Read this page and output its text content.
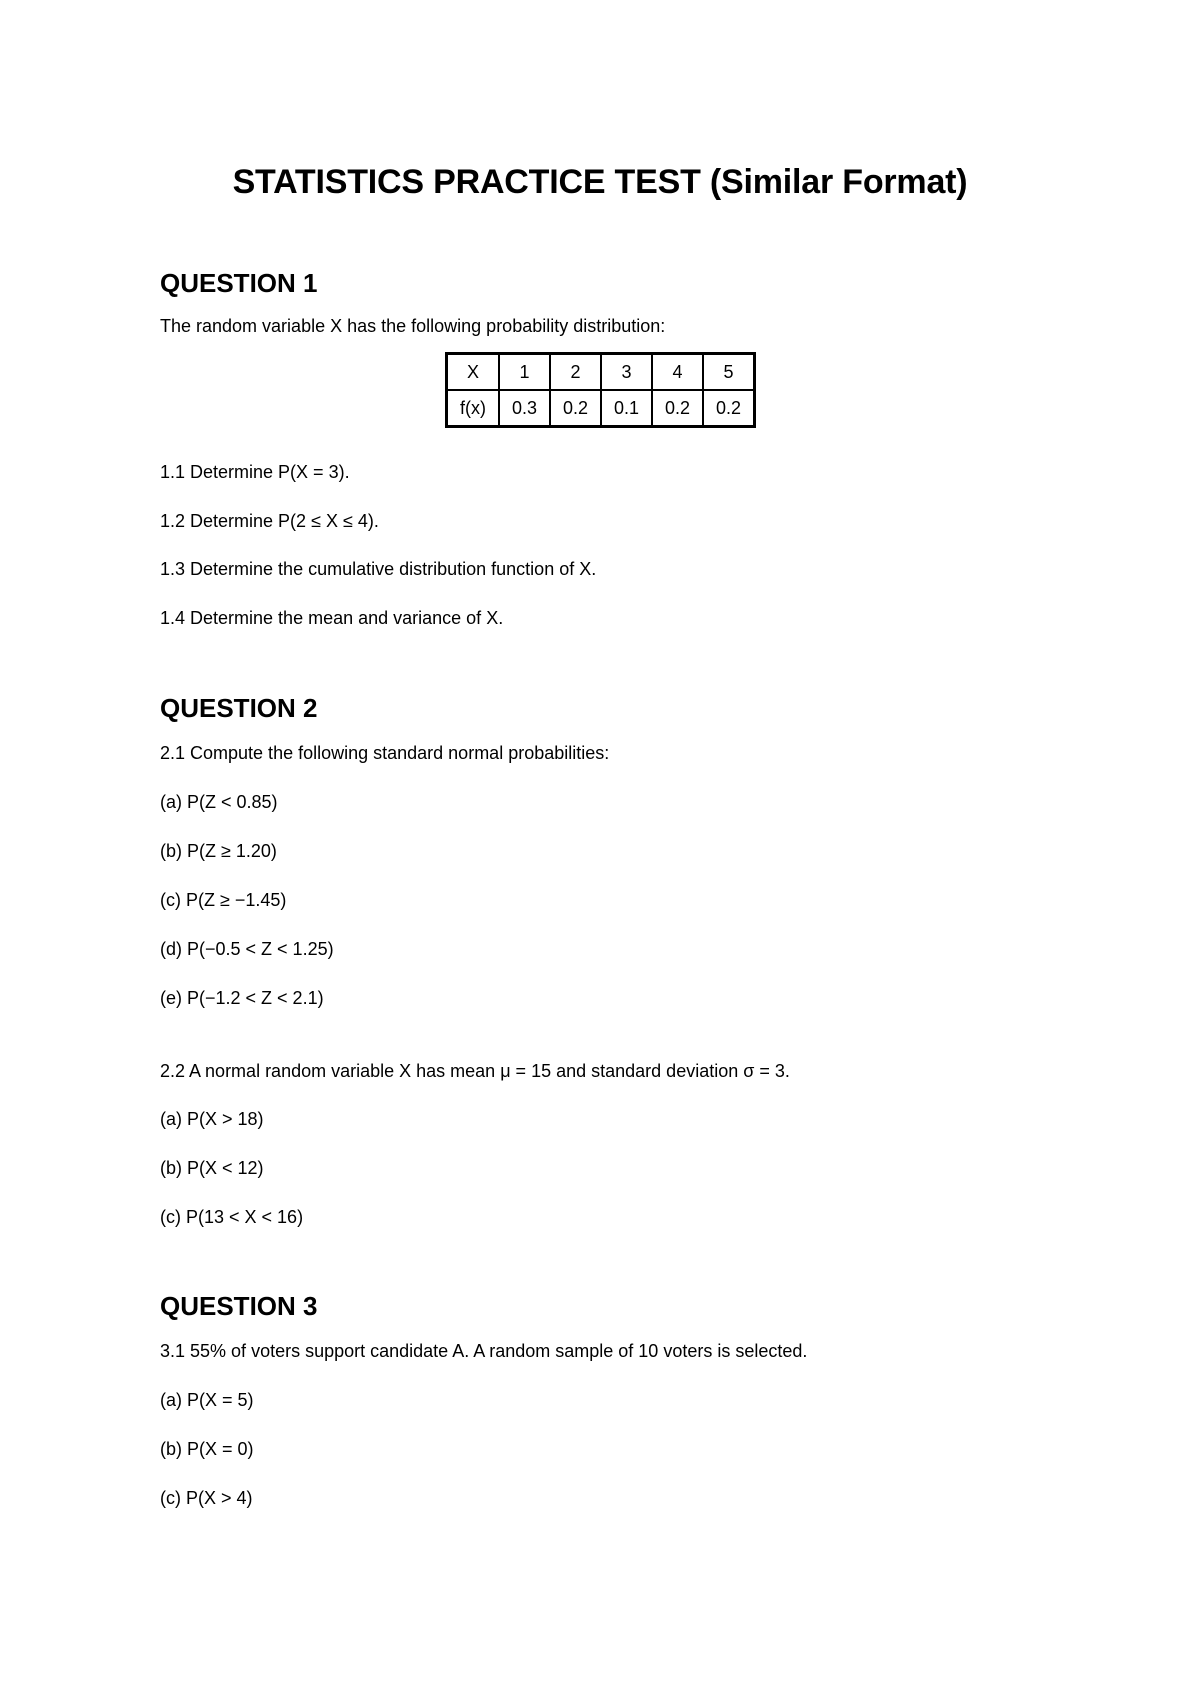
STATISTICS PRACTICE TEST (Similar Format)
QUESTION 1
The random variable X has the following probability distribution:
X	1	2	3	4	5
f(x)	0.3	0.2	0.1	0.2	0.2
1.1 Determine P(X = 3).
1.2 Determine P(2 ≤ X ≤ 4).
1.3 Determine the cumulative distribution function of X.
1.4 Determine the mean and variance of X.
QUESTION 2
2.1 Compute the following standard normal probabilities:
(a) P(Z < 0.85)
(b) P(Z ≥ 1.20)
(c) P(Z ≥ −1.45)
(d) P(−0.5 < Z < 1.25)
(e) P(−1.2 < Z < 2.1)
2.2 A normal random variable X has mean μ = 15 and standard deviation σ = 3.
(a) P(X > 18)
(b) P(X < 12)
(c) P(13 < X < 16)
QUESTION 3
3.1 55% of voters support candidate A. A random sample of 10 voters is selected.
(a) P(X = 5)
(b) P(X = 0)
(c) P(X > 4)
